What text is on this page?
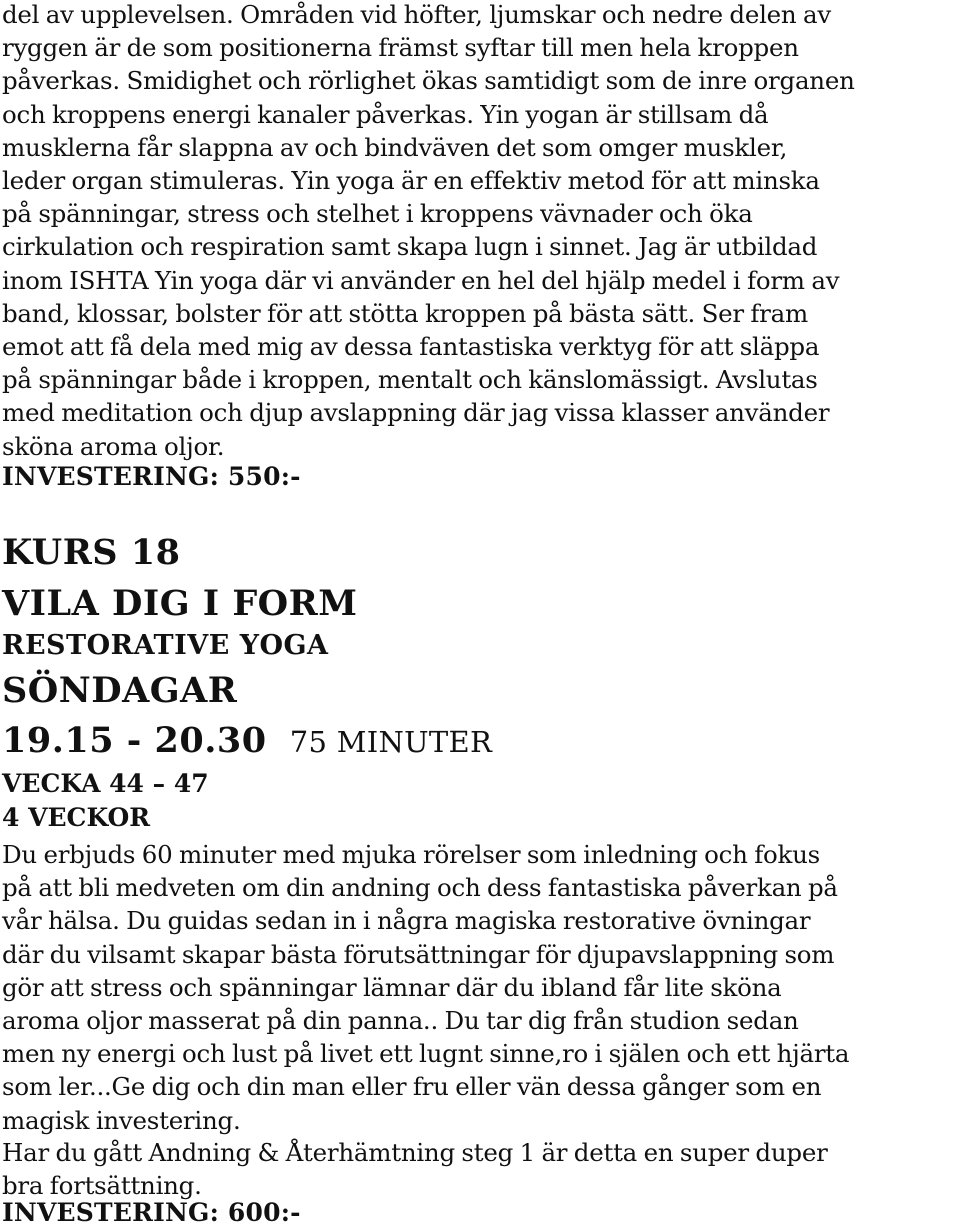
del av upplevelsen. Områden vid höfter, ljumskar och nedre delen av
ryggen är de som positionerna främst syftar till men hela kroppen
påverkas. Smidighet och rörlighet ökas samtidigt som de inre organen
och kroppens energi kanaler påverkas. Yin yogan är stillsam då
musklerna får slappna av och bindväven det som omger muskler,
leder organ stimuleras. Yin yoga är en effektiv metod för att minska
på spänningar, stress och stelhet i kroppens vävnader och öka
cirkulation och respiration samt skapa lugn i sinnet. Jag är utbildad
inom ISHTA Yin yoga där vi använder en hel del hjälp medel i form av
band, klossar, bolster för att stötta kroppen på bästa sätt. Ser fram
emot att få dela med mig av dessa fantastiska verktyg för att släppa
på spänningar både i kroppen, mentalt och känslomässigt. Avslutas
med meditation och djup avslappning där jag vissa klasser använder
sköna aroma oljor.

INVESTERING: 550:-

KURS 18
VILA DIG I FORM
RESTORATIVE YOGA
SÖNDAGAR

19.15 - 20.30 75 MINUTER

VECKA 44 – 47

4 VECKOR

Du erbjuds 60 minuter med mjuka rörelser som inledning och fokus
på att bli medveten om din andning och dess fantastiska påverkan på
vår hälsa. Du guidas sedan in i några magiska restorative övningar
där du vilsamt skapar bästa förutsättningar för djupavslappning som
gör att stress och spänningar lämnar där du ibland får lite sköna
aroma oljor masserat på din panna.. Du tar dig från studion sedan
men ny energi och lust på livet ett lugnt sinne,ro i själen och ett hjärta
som ler...Ge dig och din man eller fru eller vän dessa gånger som en
magisk investering.
Har du gått Andning & Återhämtning steg 1 är detta en super duper
bra fortsättning.

INVESTERING: 600:-
